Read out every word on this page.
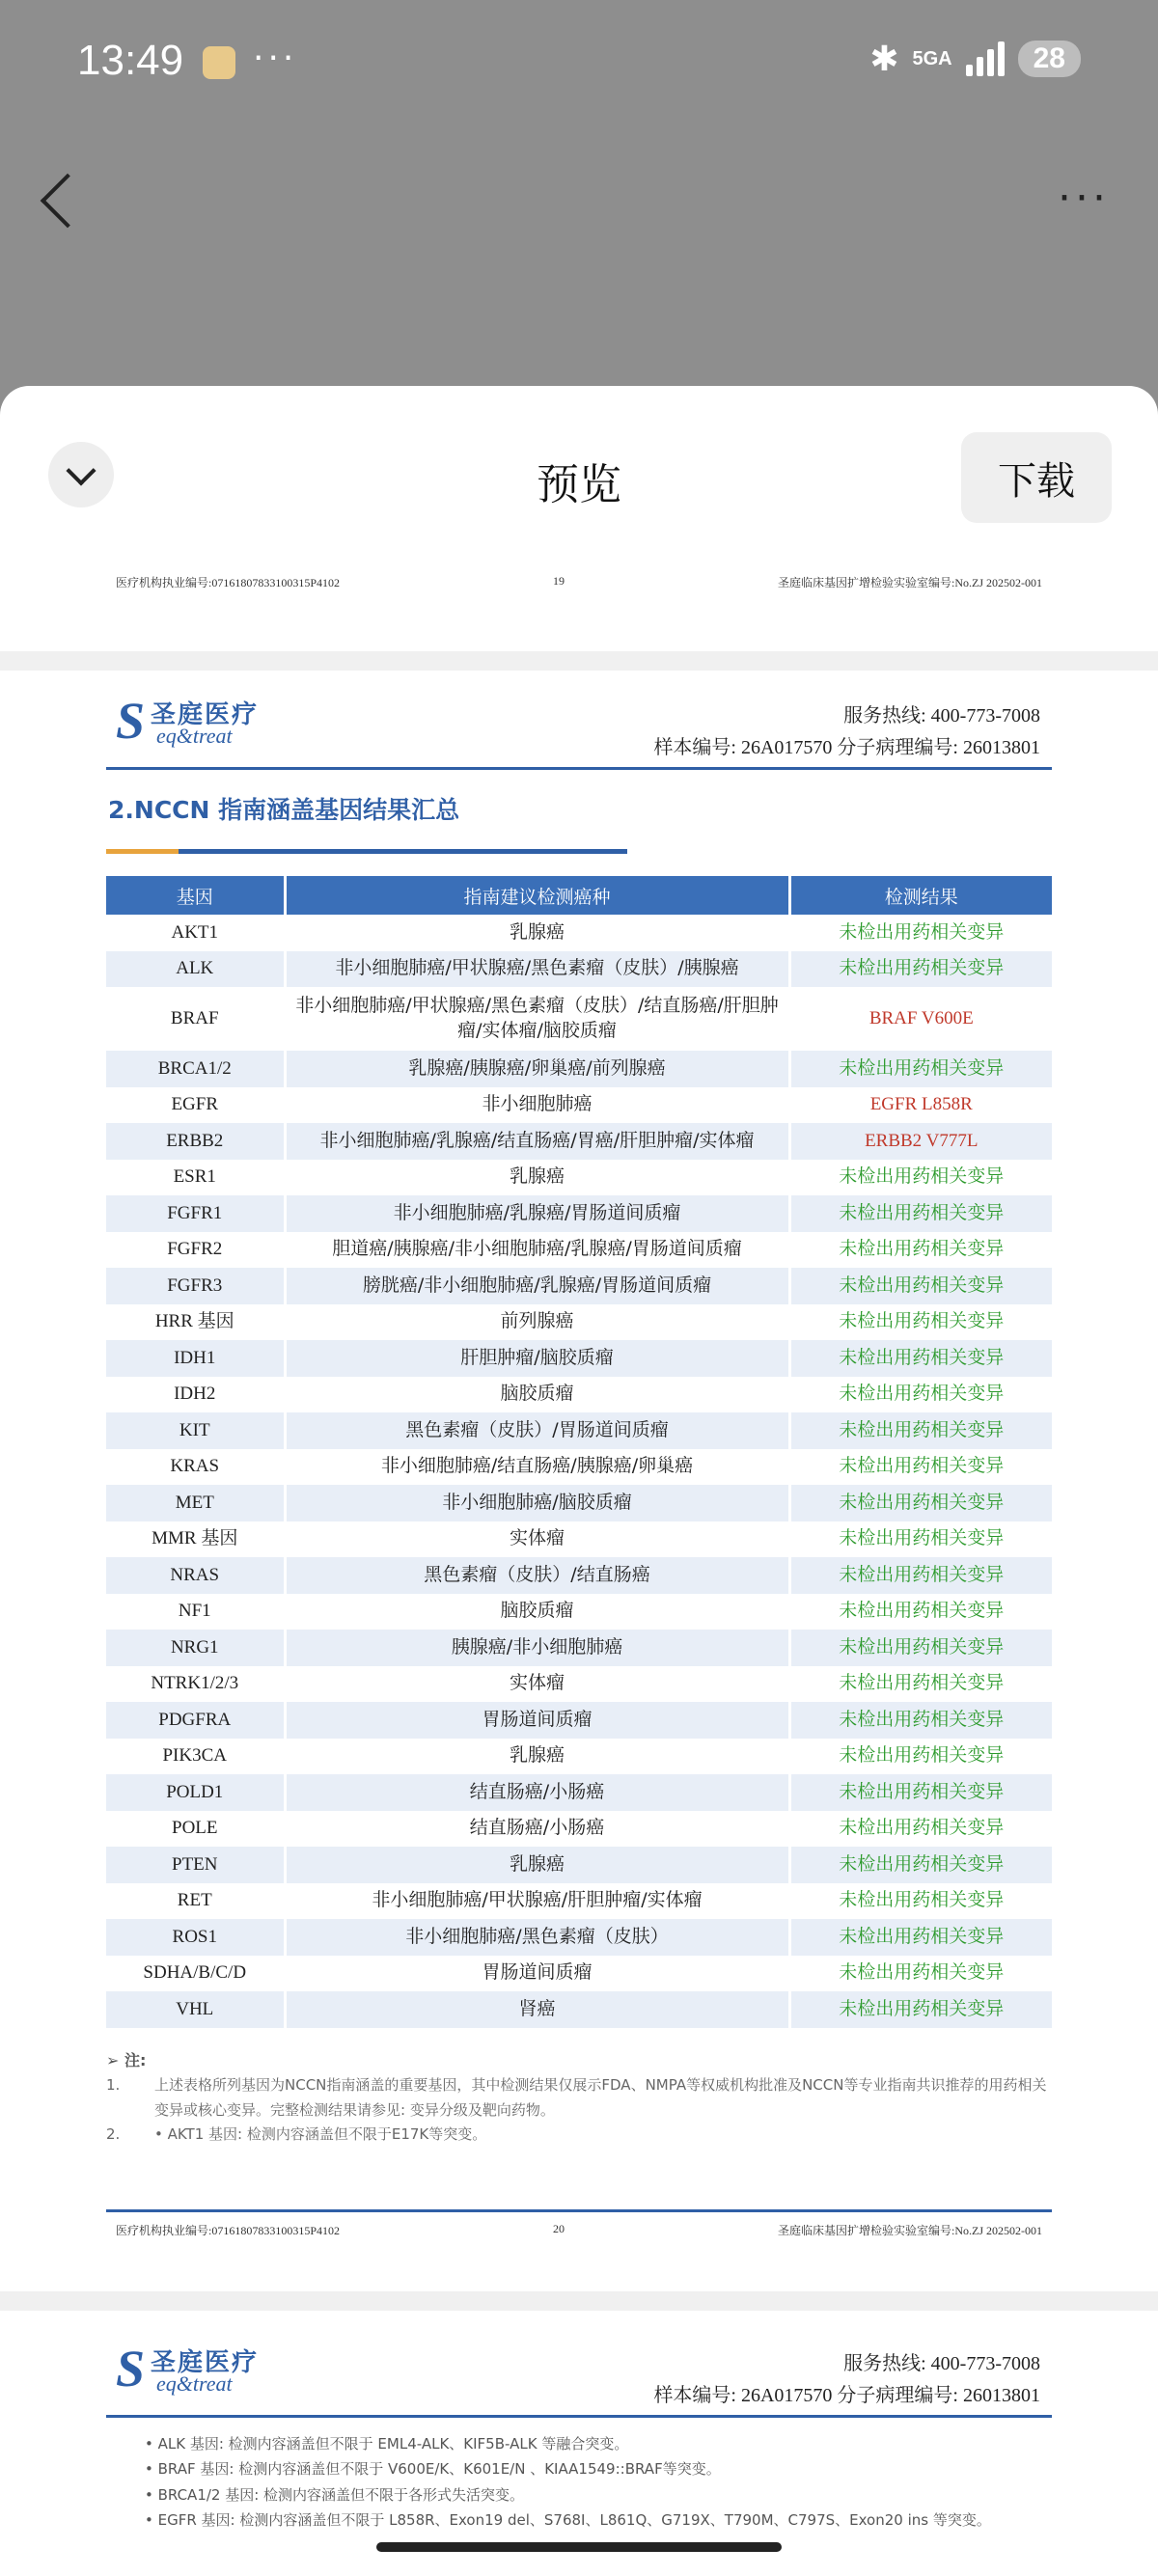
13:49 ···	✱ 5GA	28
···
预览	下载
医疗机构执业编号:07161807833100315P4102	19	圣庭临床基因扩增检验实验室编号:No.ZJ 202502-001
S 圣庭医疗
eq&treat
服务热线: 400-773-7008
样本编号: 26A017570 分子病理编号: 26013801
2.NCCN 指南涵盖基因结果汇总
基因	指南建议检测癌种	检测结果
AKT1	乳腺癌	未检出用药相关变异
ALK	非小细胞肺癌/甲状腺癌/黑色素瘤（皮肤）/胰腺癌	未检出用药相关变异
BRAF	非小细胞肺癌/甲状腺癌/黑色素瘤（皮肤）/结直肠癌/肝胆肿瘤/实体瘤/脑胶质瘤	BRAF V600E
BRCA1/2	乳腺癌/胰腺癌/卵巢癌/前列腺癌	未检出用药相关变异
EGFR	非小细胞肺癌	EGFR L858R
ERBB2	非小细胞肺癌/乳腺癌/结直肠癌/胃癌/肝胆肿瘤/实体瘤	ERBB2 V777L
ESR1	乳腺癌	未检出用药相关变异
FGFR1	非小细胞肺癌/乳腺癌/胃肠道间质瘤	未检出用药相关变异
FGFR2	胆道癌/胰腺癌/非小细胞肺癌/乳腺癌/胃肠道间质瘤	未检出用药相关变异
FGFR3	膀胱癌/非小细胞肺癌/乳腺癌/胃肠道间质瘤	未检出用药相关变异
HRR 基因	前列腺癌	未检出用药相关变异
IDH1	肝胆肿瘤/脑胶质瘤	未检出用药相关变异
IDH2	脑胶质瘤	未检出用药相关变异
KIT	黑色素瘤（皮肤）/胃肠道间质瘤	未检出用药相关变异
KRAS	非小细胞肺癌/结直肠癌/胰腺癌/卵巢癌	未检出用药相关变异
MET	非小细胞肺癌/脑胶质瘤	未检出用药相关变异
MMR 基因	实体瘤	未检出用药相关变异
NRAS	黑色素瘤（皮肤）/结直肠癌	未检出用药相关变异
NF1	脑胶质瘤	未检出用药相关变异
NRG1	胰腺癌/非小细胞肺癌	未检出用药相关变异
NTRK1/2/3	实体瘤	未检出用药相关变异
PDGFRA	胃肠道间质瘤	未检出用药相关变异
PIK3CA	乳腺癌	未检出用药相关变异
POLD1	结直肠癌/小肠癌	未检出用药相关变异
POLE	结直肠癌/小肠癌	未检出用药相关变异
PTEN	乳腺癌	未检出用药相关变异
RET	非小细胞肺癌/甲状腺癌/肝胆肿瘤/实体瘤	未检出用药相关变异
ROS1	非小细胞肺癌/黑色素瘤（皮肤）	未检出用药相关变异
SDHA/B/C/D	胃肠道间质瘤	未检出用药相关变异
VHL	肾癌	未检出用药相关变异
➢ 注:
1. 上述表格所列基因为NCCN指南涵盖的重要基因，其中检测结果仅展示FDA、NMPA等权威机构批准及NCCN等专业指南共识推荐的用药相关变异或核心变异。完整检测结果请参见: 变异分级及靶向药物。
2. • AKT1 基因: 检测内容涵盖但不限于E17K等突变。
医疗机构执业编号:07161807833100315P4102	20	圣庭临床基因扩增检验实验室编号:No.ZJ 202502-001
S 圣庭医疗
eq&treat
服务热线: 400-773-7008
样本编号: 26A017570 分子病理编号: 26013801
• ALK 基因: 检测内容涵盖但不限于 EML4-ALK、KIF5B-ALK 等融合突变。
• BRAF 基因: 检测内容涵盖但不限于 V600E/K、K601E/N 、KIAA1549::BRAF等突变。
• BRCA1/2 基因: 检测内容涵盖但不限于各形式失活突变。
• EGFR 基因: 检测内容涵盖但不限于 L858R、Exon19 del、S768I、L861Q、G719X、T790M、C797S、Exon20 ins 等突变。
